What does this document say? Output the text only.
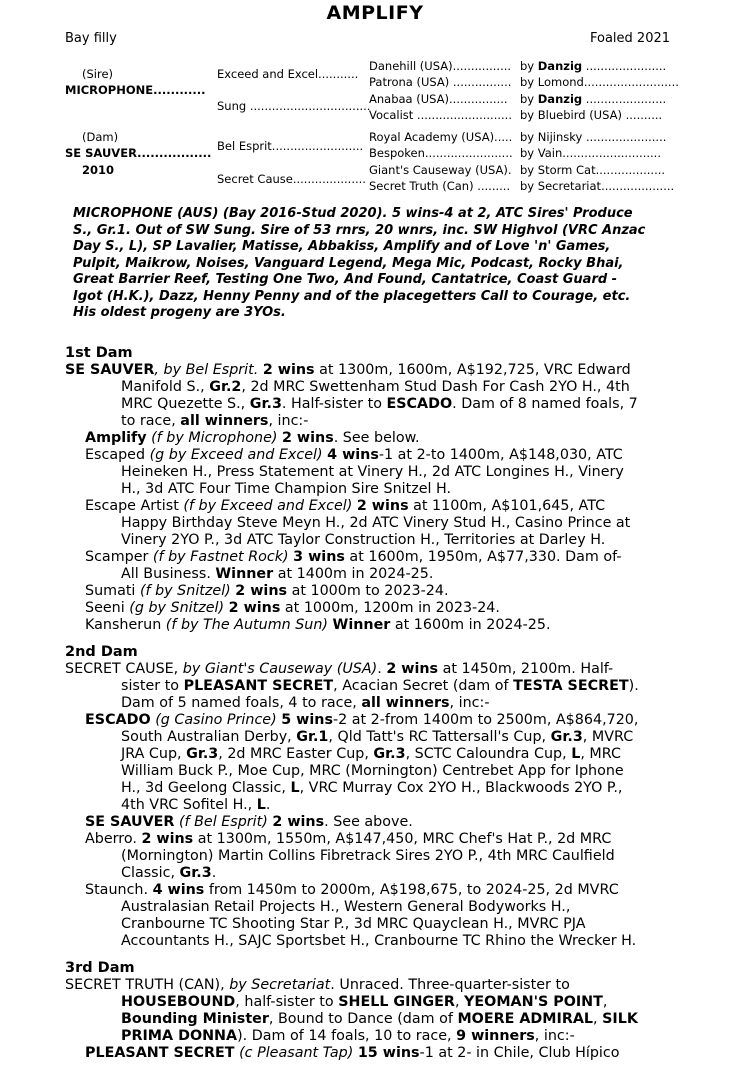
AMPLIFY
Bay filly	Foaled 2021
(Sire)
MICROPHONE............
(Dam)
SE SAUVER.................
2010
Exceed and Excel...........
Sung .................................
Bel Esprit.........................
Secret Cause....................
Danehill (USA)................
Patrona (USA) ................
Anabaa (USA)................
Vocalist ..........................
Royal Academy (USA).....
Bespoken........................
Giant's Causeway (USA).
Secret Truth (Can) .........
by Danzig ......................
by Lomond..........................
by Danzig ......................
by Bluebird (USA) ..........
by Nijinsky ......................
by Vain...........................
by Storm Cat...................
by Secretariat....................
MICROPHONE (AUS) (Bay 2016-Stud 2020). 5 wins-4 at 2, ATC Sires' Produce
S., Gr.1. Out of SW Sung. Sire of 53 rnrs, 20 wnrs, inc. SW Highvol (VRC Anzac
Day S., L), SP Lavalier, Matisse, Abbakiss, Amplify and of Love 'n' Games,
Pulpit, Maikrow, Noises, Vanguard Legend, Mega Mic, Podcast, Rocky Bhai,
Great Barrier Reef, Testing One Two, And Found, Cantatrice, Coast Guard -
Igot (H.K.), Dazz, Henny Penny and of the placegetters Call to Courage, etc.
His oldest progeny are 3YOs.
1st Dam
SE SAUVER, by Bel Esprit. 2 wins at 1300m, 1600m, A$192,725, VRC Edward
Manifold S., Gr.2, 2d MRC Swettenham Stud Dash For Cash 2YO H., 4th
MRC Quezette S., Gr.3. Half-sister to ESCADO. Dam of 8 named foals, 7
to race, all winners, inc:-
Amplify (f by Microphone) 2 wins. See below.
Escaped (g by Exceed and Excel) 4 wins-1 at 2-to 1400m, A$148,030, ATC
Heineken H., Press Statement at Vinery H., 2d ATC Longines H., Vinery
H., 3d ATC Four Time Champion Sire Snitzel H.
Escape Artist (f by Exceed and Excel) 2 wins at 1100m, A$101,645, ATC
Happy Birthday Steve Meyn H., 2d ATC Vinery Stud H., Casino Prince at
Vinery 2YO P., 3d ATC Taylor Construction H., Territories at Darley H.
Scamper (f by Fastnet Rock) 3 wins at 1600m, 1950m, A$77,330. Dam of-
All Business. Winner at 1400m in 2024-25.
Sumati (f by Snitzel) 2 wins at 1000m to 2023-24.
Seeni (g by Snitzel) 2 wins at 1000m, 1200m in 2023-24.
Kansherun (f by The Autumn Sun) Winner at 1600m in 2024-25.
2nd Dam
SECRET CAUSE, by Giant's Causeway (USA). 2 wins at 1450m, 2100m. Half-
sister to PLEASANT SECRET, Acacian Secret (dam of TESTA SECRET).
Dam of 5 named foals, 4 to race, all winners, inc:-
ESCADO (g Casino Prince) 5 wins-2 at 2-from 1400m to 2500m, A$864,720,
South Australian Derby, Gr.1, Qld Tatt's RC Tattersall's Cup, Gr.3, MVRC
JRA Cup, Gr.3, 2d MRC Easter Cup, Gr.3, SCTC Caloundra Cup, L, MRC
William Buck P., Moe Cup, MRC (Mornington) Centrebet App for Iphone
H., 3d Geelong Classic, L, VRC Murray Cox 2YO H., Blackwoods 2YO P.,
4th VRC Sofitel H., L.
SE SAUVER (f Bel Esprit) 2 wins. See above.
Aberro. 2 wins at 1300m, 1550m, A$147,450, MRC Chef's Hat P., 2d MRC
(Mornington) Martin Collins Fibretrack Sires 2YO P., 4th MRC Caulfield
Classic, Gr.3.
Staunch. 4 wins from 1450m to 2000m, A$198,675, to 2024-25, 2d MVRC
Australasian Retail Projects H., Western General Bodyworks H.,
Cranbourne TC Shooting Star P., 3d MRC Quayclean H., MVRC PJA
Accountants H., SAJC Sportsbet H., Cranbourne TC Rhino the Wrecker H.
3rd Dam
SECRET TRUTH (CAN), by Secretariat. Unraced. Three-quarter-sister to
HOUSEBOUND, half-sister to SHELL GINGER, YEOMAN'S POINT,
Bounding Minister, Bound to Dance (dam of MOERE ADMIRAL, SILK
PRIMA DONNA). Dam of 14 foals, 10 to race, 9 winners, inc:-
PLEASANT SECRET (c Pleasant Tap) 15 wins-1 at 2- in Chile, Club Hípico
